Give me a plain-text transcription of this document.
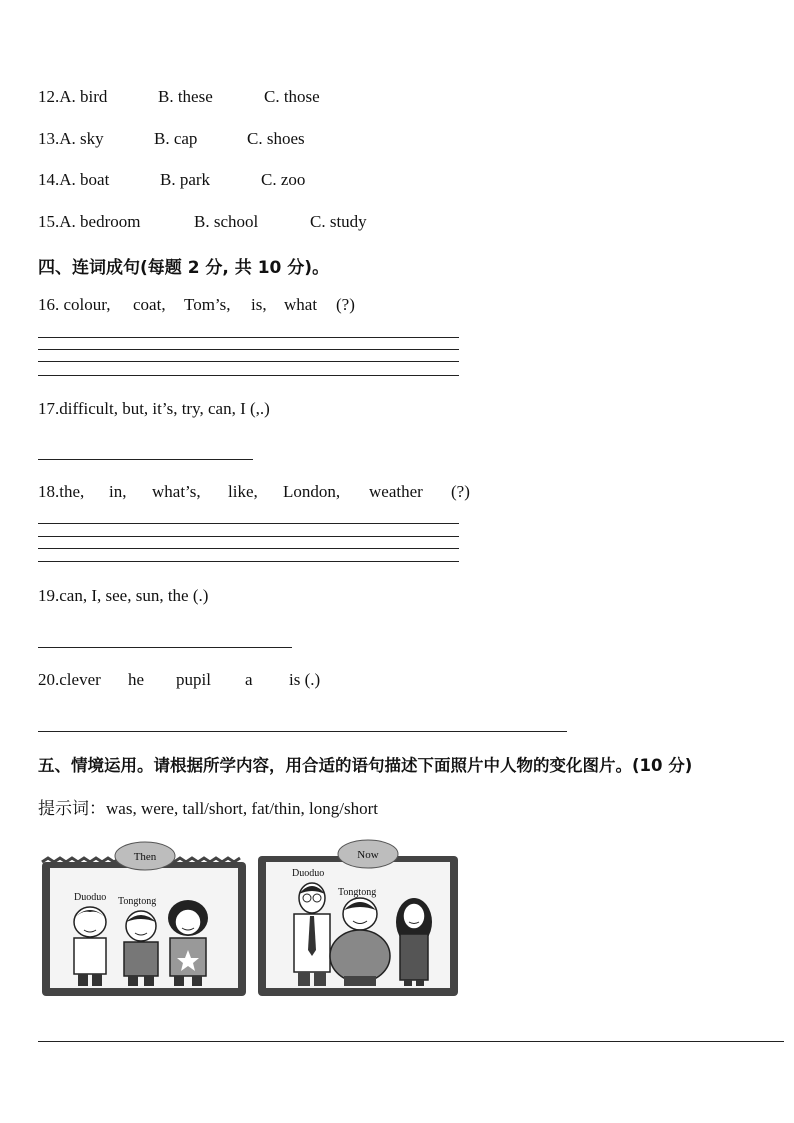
12.A. bird	B. these	C. those
13.A. sky	B. cap	C. shoes
14.A. boat	B. park	C. zoo
15.A. bedroom	B. school	C. study
四、连词成句(每题 2 分, 共 10 分)。
16. colour, coat, Tom’s, is, what (?)
17.difficult, but, it’s, try, can, I (,.)
18.the, in, what’s, like, London, weather (?)
19.can, I, see, sun, the (.)
20.clever he pupil a is (.)
五、情境运用。请根据所学内容，用合适的语句描述下面照片中人物的变化图片。(10 分)
提示词：was, were, tall/short, fat/thin, long/short
Then
Duoduo Tongtong
Now
Duoduo
Tongtong
